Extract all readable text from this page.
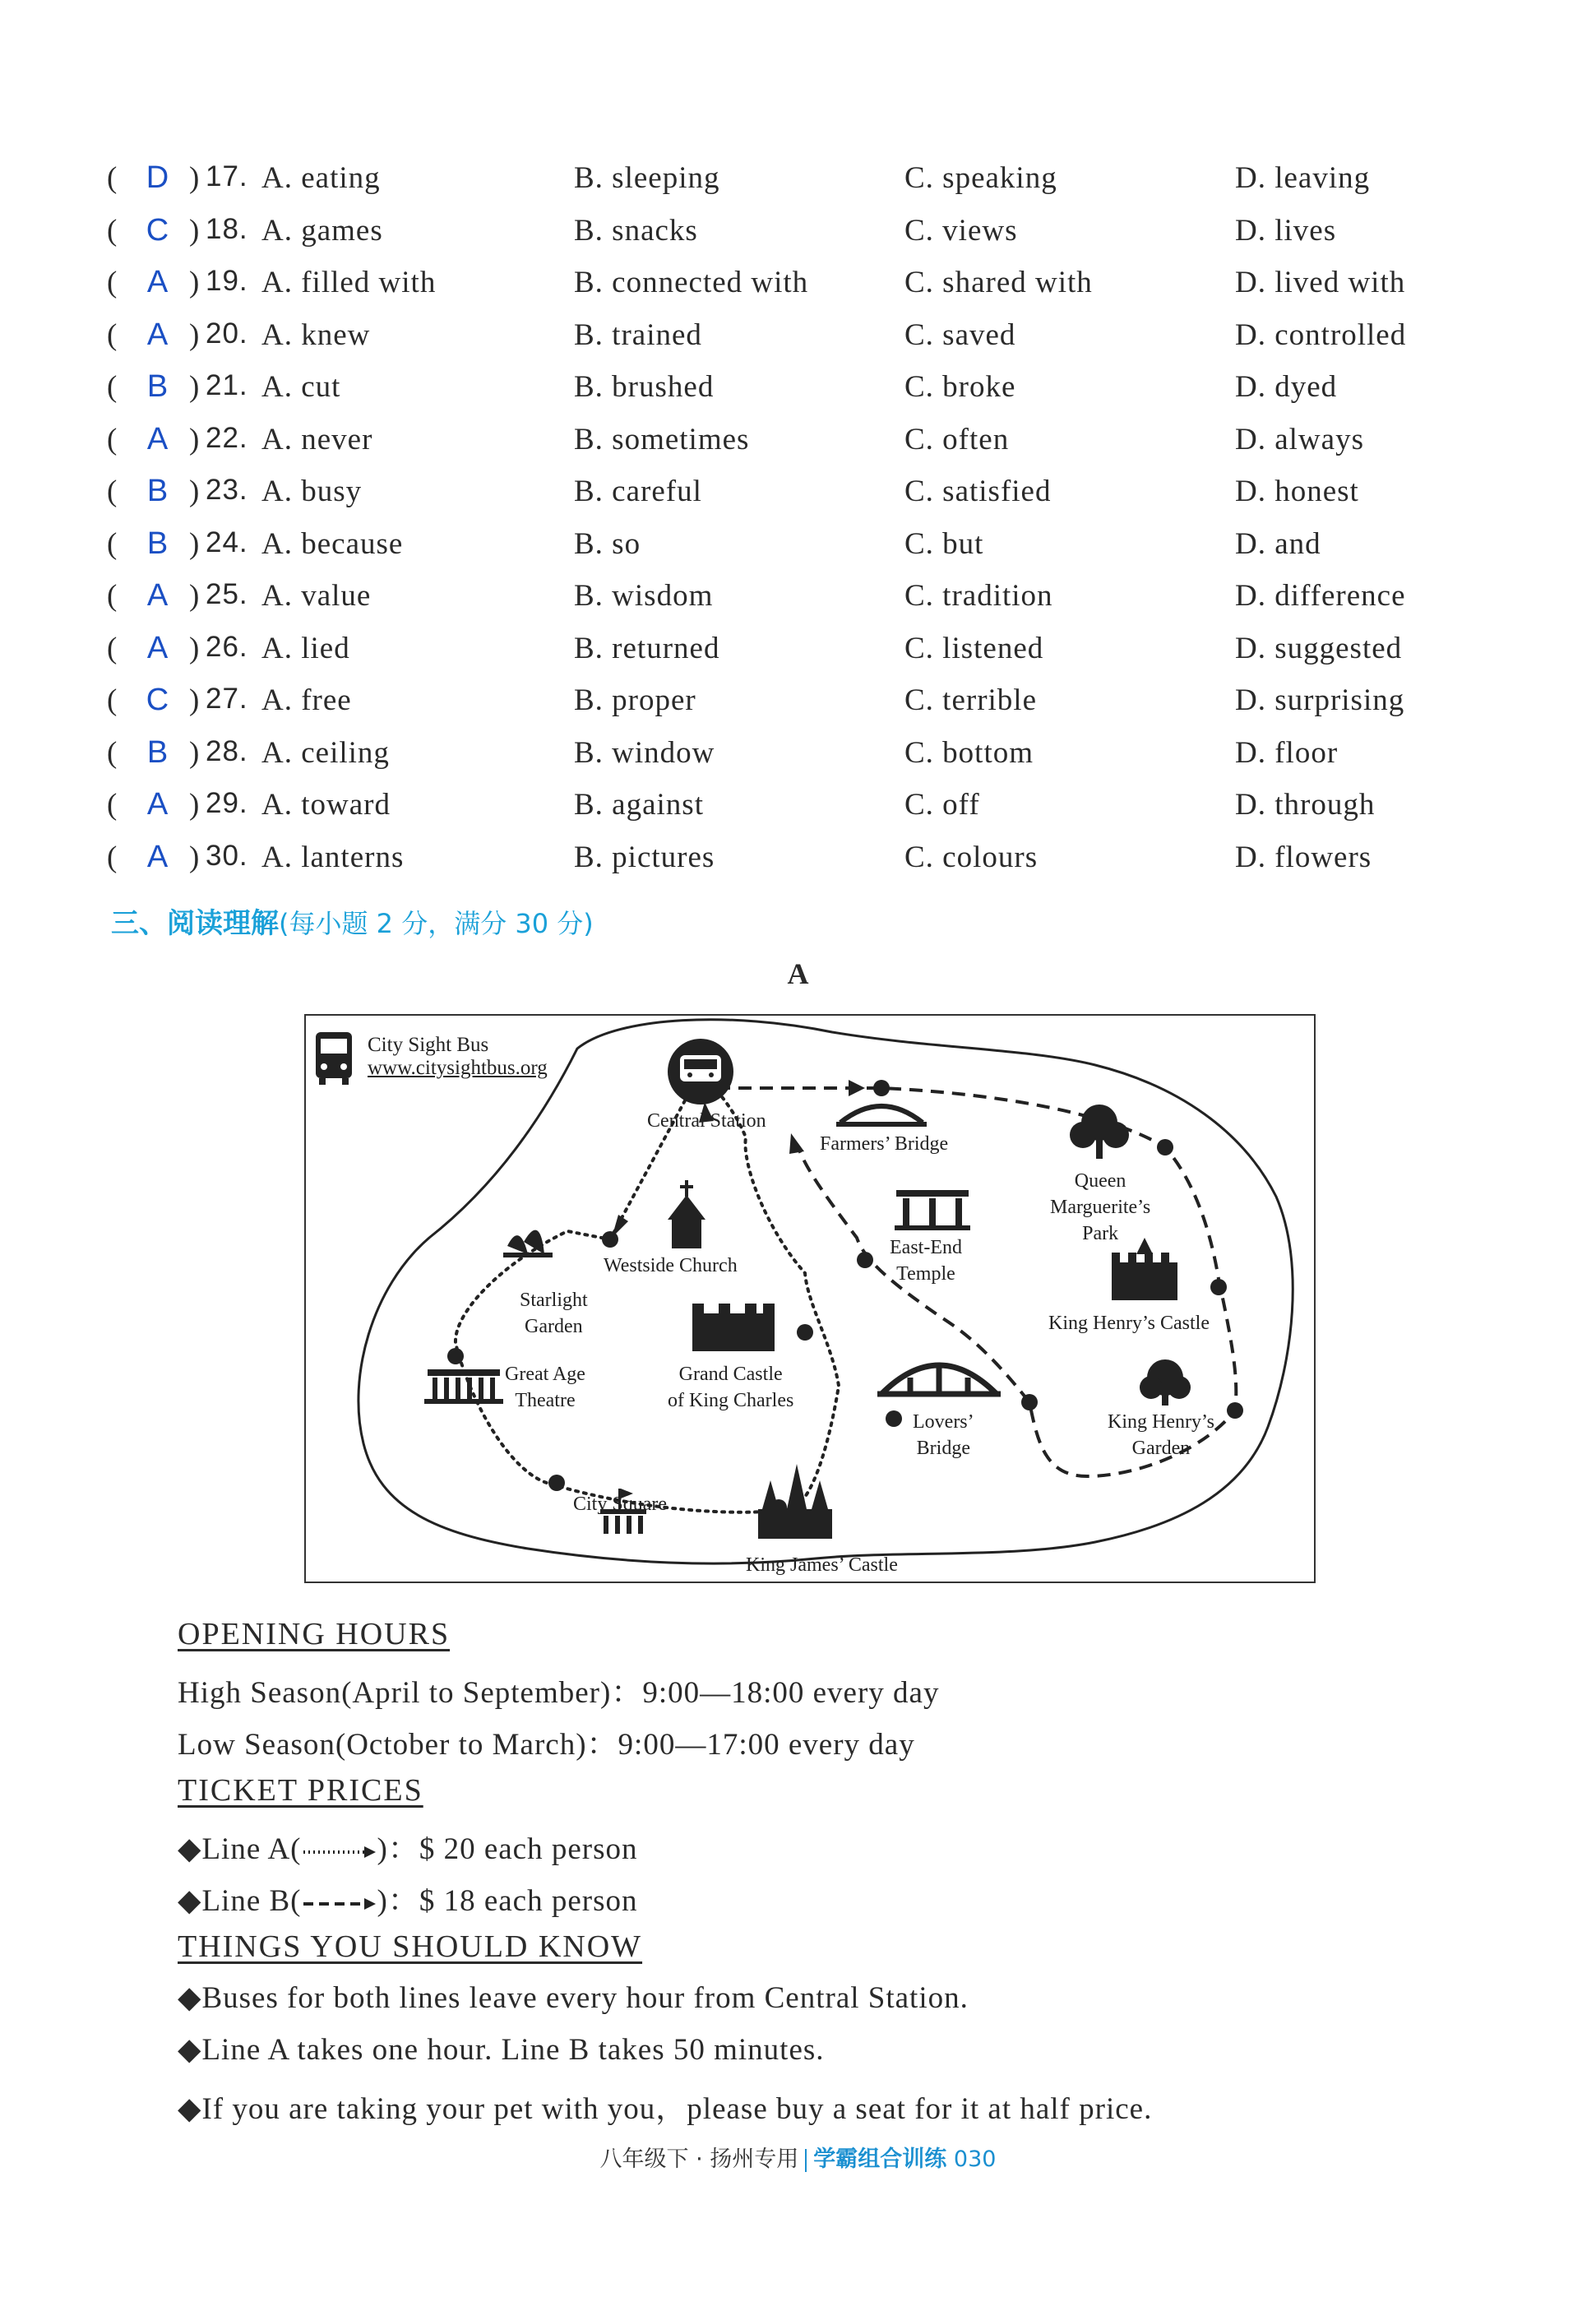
( D ) 17. A. eating	B. sleeping	C. speaking	D. leaving
( C ) 18. A. games	B. snacks	C. views	D. lives
( A ) 19. A. filled with	B. connected with	C. shared with	D. lived with
( A ) 20. A. knew	B. trained	C. saved	D. controlled
( B ) 21. A. cut	B. brushed	C. broke	D. dyed
( A ) 22. A. never	B. sometimes	C. often	D. always
( B ) 23. A. busy	B. careful	C. satisfied	D. honest
( B ) 24. A. because	B. so	C. but	D. and
( A ) 25. A. value	B. wisdom	C. tradition	D. difference
( A ) 26. A. lied	B. returned	C. listened	D. suggested
( C ) 27. A. free	B. proper	C. terrible	D. surprising
( B ) 28. A. ceiling	B. window	C. bottom	D. floor
( A ) 29. A. toward	B. against	C. off	D. through
( A ) 30. A. lanterns	B. pictures	C. colours	D. flowers
三、阅读理解(每小题 2 分，满分 30 分)
A
City Sight Bus
www.citysightbus.org
Central Station
Farmers’ Bridge
Queen
Marguerite’s
Park
Westside Church
East-End
Temple
Starlight
Garden	King Henry’s Castle
Great Age
Theatre
Grand Castle
of King Charles
Lovers’
Bridge
King Henry’s
Garden
City Square
King James’ Castle
OPENING HOURS
High Season(April to September)：9:00—18:00 every day
Low Season(October to March)：9:00—17:00 every day
TICKET PRICES
◆Line A( )：$ 20 each person
◆Line B( )：$ 18 each person
THINGS YOU SHOULD KNOW
◆Buses for both lines leave every hour from Central Station.
◆Line A takes one hour. Line B takes 50 minutes.
◆If you are taking your pet with you，please buy a seat for it at half price.
八年级下 · 扬州专用 学霸组合训练 030
